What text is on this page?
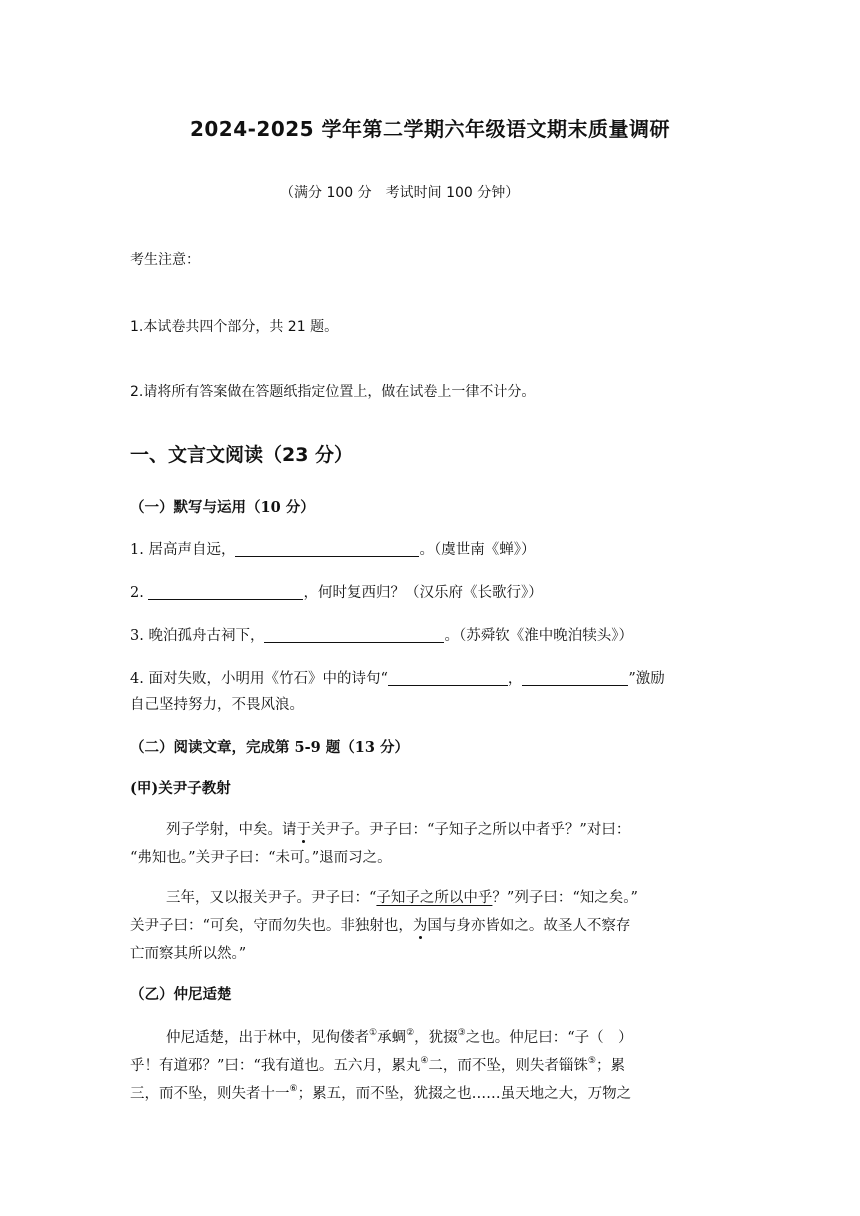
2024-2025 学年第二学期六年级语文期末质量调研
（满分 100 分　考试时间 100 分钟）
考生注意：
1.本试卷共四个部分，共 21 题。
2.请将所有答案做在答题纸指定位置上，做在试卷上一律不计分。
一、文言文阅读（23 分）
（一）默写与运用（10 分）
1. 居高声自远，	。（虞世南《蝉》）
2.	，何时复西归？（汉乐府《长歌行》）
3. 晚泊孤舟古祠下，	。（苏舜钦《淮中晚泊犊头》）
4. 面对失败，小明用《竹石》中的诗句“	，	”激励
自己坚持努力，不畏风浪。
（二）阅读文章，完成第 5-9 题（13 分）
(甲)关尹子教射
列子学射，中矣。请于关尹子。尹子曰：“子知子之所以中者乎？”对曰：
“弗知也。”关尹子曰：“未可。”退而习之。
三年，又以报关尹子。尹子曰：“子知子之所以中乎？”列子曰：“知之矣。”
关尹子曰：“可矣，守而勿失也。非独射也，为国与身亦皆如之。故圣人不察存
亡而察其所以然。”
（乙）仲尼适楚
仲尼适楚，出于林中，见佝偻者①承蜩②，犹掇③之也。仲尼曰：“子（　）
乎！有道邪？”曰：“我有道也。五六月，累丸④二，而不坠，则失者锱铢⑤；累
三，而不坠，则失者十一⑥；累五，而不坠，犹掇之也……虽天地之大，万物之
